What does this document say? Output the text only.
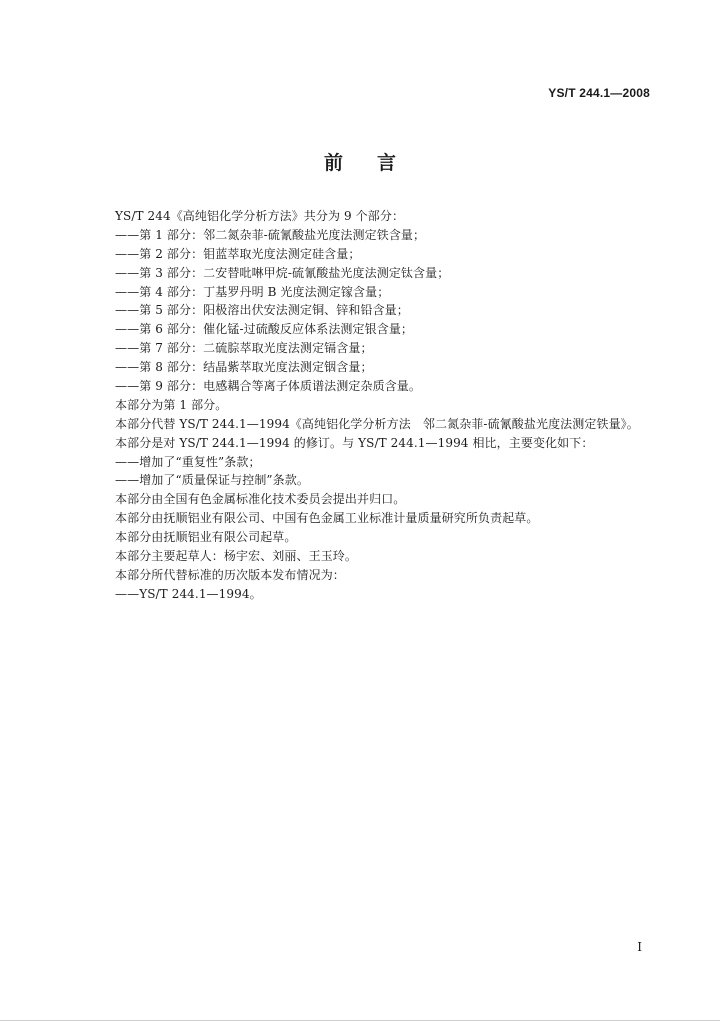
YS/T 244.1—2008
前言
YS/T 244《高纯铝化学分析方法》共分为 9 个部分：
——第 1 部分：邻二氮杂菲-硫氰酸盐光度法测定铁含量；
——第 2 部分：钼蓝萃取光度法测定硅含量；
——第 3 部分：二安替吡啉甲烷-硫氰酸盐光度法测定钛含量；
——第 4 部分：丁基罗丹明 B 光度法测定镓含量；
——第 5 部分：阳极溶出伏安法测定铜、锌和铅含量；
——第 6 部分：催化锰-过硫酸反应体系法测定银含量；
——第 7 部分：二硫腙萃取光度法测定镉含量；
——第 8 部分：结晶紫萃取光度法测定铟含量；
——第 9 部分：电感耦合等离子体质谱法测定杂质含量。
本部分为第 1 部分。
本部分代替 YS/T 244.1—1994《高纯铝化学分析方法　邻二氮杂菲-硫氰酸盐光度法测定铁量》。
本部分是对 YS/T 244.1—1994 的修订。与 YS/T 244.1—1994 相比，主要变化如下：
——增加了“重复性”条款；
——增加了“质量保证与控制”条款。
本部分由全国有色金属标准化技术委员会提出并归口。
本部分由抚顺铝业有限公司、中国有色金属工业标准计量质量研究所负责起草。
本部分由抚顺铝业有限公司起草。
本部分主要起草人：杨宇宏、刘丽、王玉玲。
本部分所代替标准的历次版本发布情况为：
——YS/T 244.1—1994。
I
